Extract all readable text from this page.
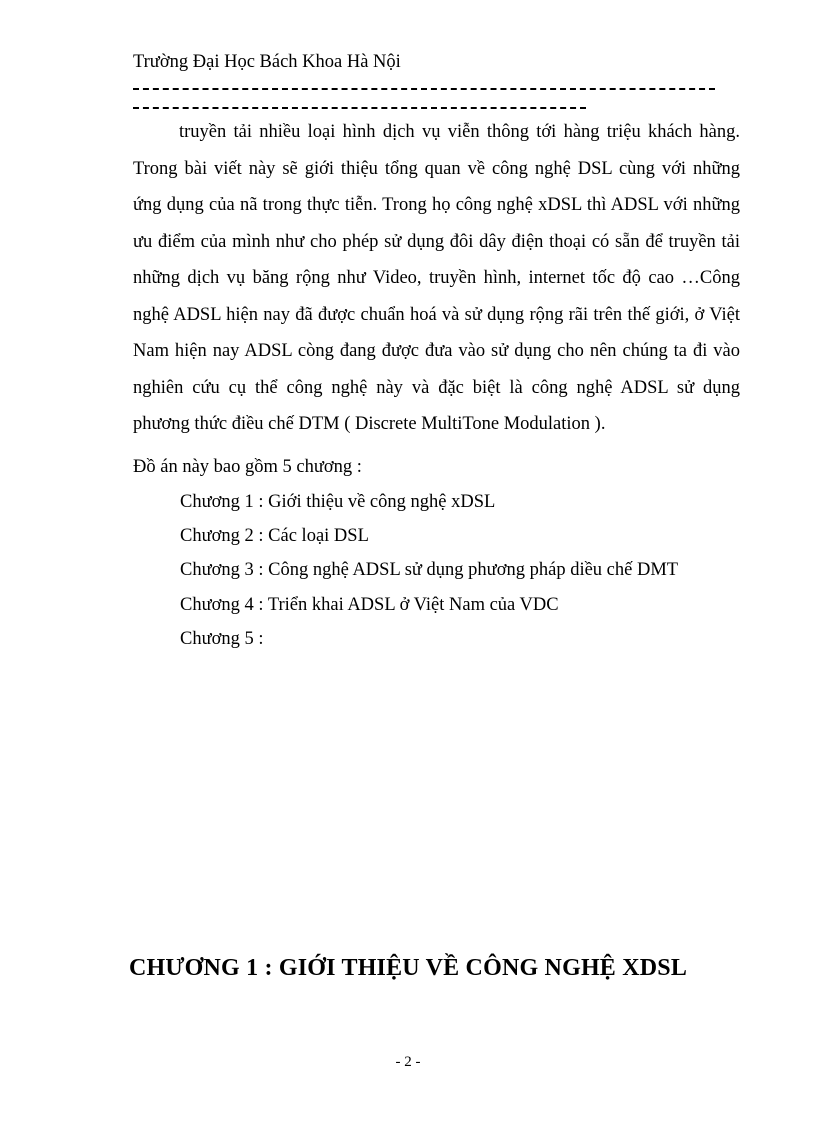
Trường Đại Học Bách Khoa Hà Nội
truyền tải nhiều loại hình dịch vụ viễn thông tới hàng triệu khách hàng.
Trong bài viết này sẽ giới thiệu tổng quan về công nghệ DSL cùng với những
ứng dụng của nã trong thực tiễn. Trong họ công nghệ xDSL thì ADSL với những
ưu điểm của mình như cho phép sử dụng đôi dây điện thoại có sẵn để truyền tải
những dịch vụ băng rộng như Video, truyền hình, internet tốc độ cao …Công
nghệ ADSL hiện nay đã được chuẩn hoá và sử dụng rộng rãi trên thế giới, ở Việt
Nam hiện nay ADSL còng đang được đưa vào sử dụng cho nên chúng ta đi vào
nghiên cứu cụ thể công nghệ này và đặc biệt là công nghệ ADSL sử dụng
phương thức điều chế DTM ( Discrete MultiTone Modulation ).
Đồ án này bao gồm 5 chương :
Chương 1 : Giới thiệu về công nghệ xDSL
Chương 2 : Các loại DSL
Chương 3 : Công nghệ ADSL sử dụng phương pháp diều chế DMT
Chương 4 : Triển khai ADSL ở Việt Nam của VDC
Chương 5 :
CHƯƠNG 1 : GIỚI THIỆU VỀ CÔNG NGHỆ XDSL
- 2 -
